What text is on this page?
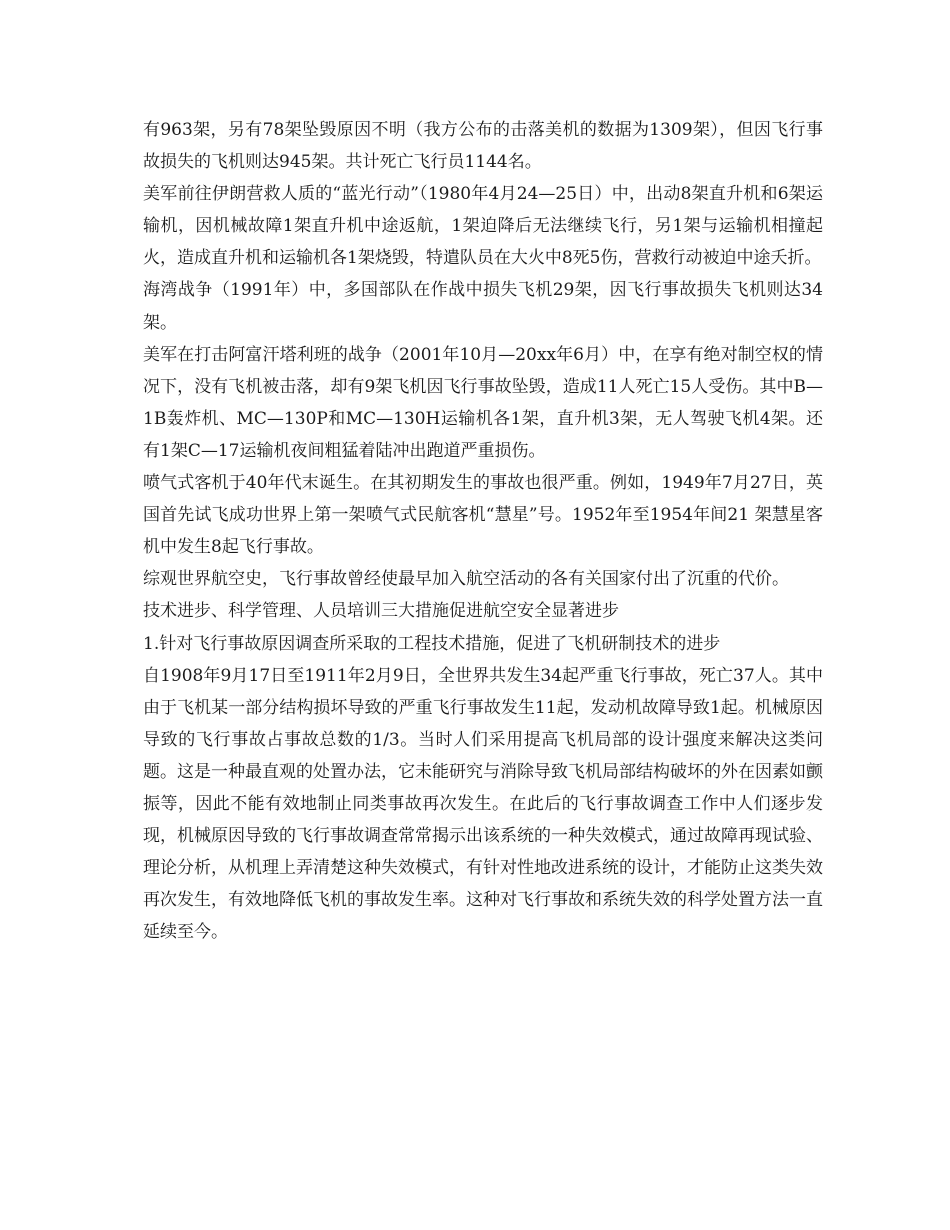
有963架，另有78架坠毁原因不明（我方公布的击落美机的数据为1309架），但因飞行事故损失的飞机则达945架。共计死亡飞行员1144名。

美军前往伊朗营救人质的“蓝光行动”（1980年4月24—25日）中，出动8架直升机和6架运输机，因机械故障1架直升机中途返航，1架迫降后无法继续飞行，另1架与运输机相撞起火，造成直升机和运输机各1架烧毁，特遣队员在大火中8死5伤，营救行动被迫中途夭折。

海湾战争（1991年）中，多国部队在作战中损失飞机29架，因飞行事故损失飞机则达34架。

美军在打击阿富汗塔利班的战争（2001年10月—20xx年6月）中，在享有绝对制空权的情况下，没有飞机被击落，却有9架飞机因飞行事故坠毁，造成11人死亡15人受伤。其中B—1B轰炸机、MC—130P和MC—130H运输机各1架，直升机3架，无人驾驶飞机4架。还有1架C—17运输机夜间粗猛着陆冲出跑道严重损伤。

喷气式客机于40年代末诞生。在其初期发生的事故也很严重。例如，1949年7月27日，英国首先试飞成功世界上第一架喷气式民航客机“慧星”号。1952年至1954年间21 架慧星客机中发生8起飞行事故。

综观世界航空史，飞行事故曾经使最早加入航空活动的各有关国家付出了沉重的代价。

技术进步、科学管理、人员培训三大措施促进航空安全显著进步

1.针对飞行事故原因调查所采取的工程技术措施，促进了飞机研制技术的进步

自1908年9月17日至1911年2月9日，全世界共发生34起严重飞行事故，死亡37人。其中由于飞机某一部分结构损坏导致的严重飞行事故发生11起，发动机故障导致1起。机械原因导致的飞行事故占事故总数的1/3。当时人们采用提高飞机局部的设计强度来解决这类问题。这是一种最直观的处置办法，它未能研究与消除导致飞机局部结构破坏的外在因素如颤振等，因此不能有效地制止同类事故再次发生。在此后的飞行事故调查工作中人们逐步发现，机械原因导致的飞行事故调查常常揭示出该系统的一种失效模式，通过故障再现试验、理论分析，从机理上弄清楚这种失效模式，有针对性地改进系统的设计，才能防止这类失效再次发生，有效地降低飞机的事故发生率。这种对飞行事故和系统失效的科学处置方法一直延续至今。
